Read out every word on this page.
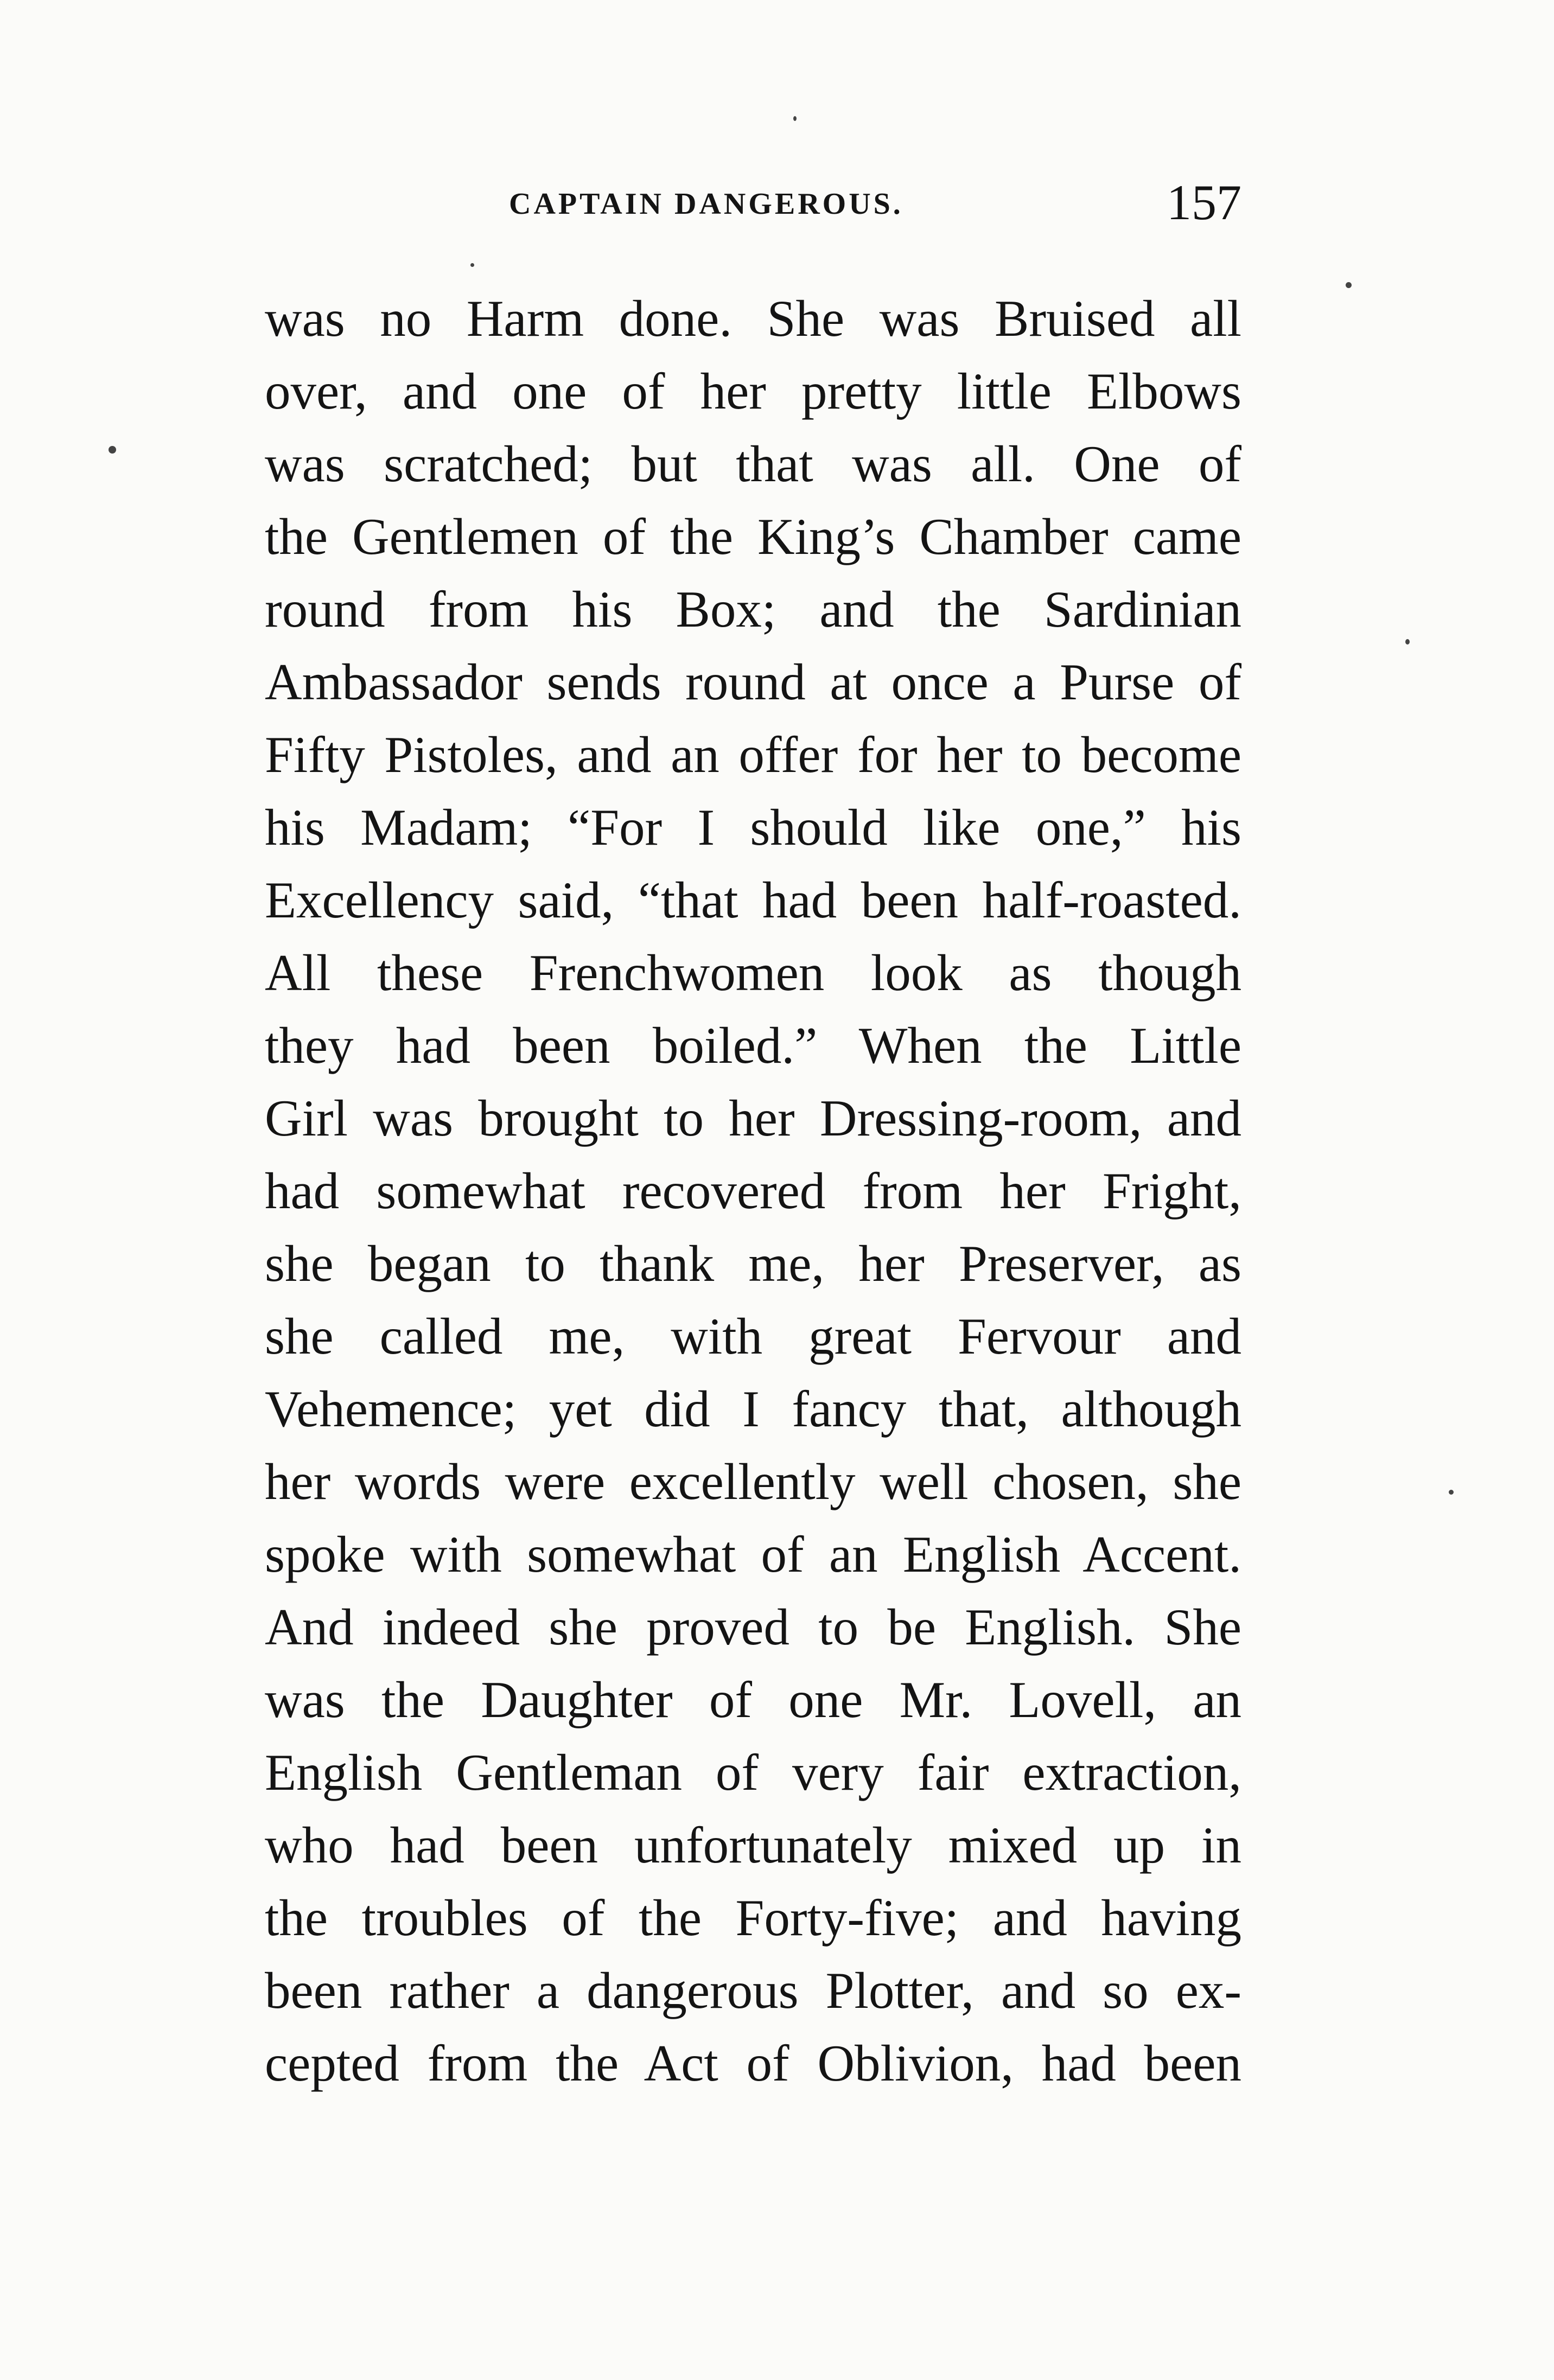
CAPTAIN DANGEROUS.	157
was no Harm done. She was Bruised all
over, and one of her pretty little Elbows
was scratched; but that was all. One of
the Gentlemen of the King’s Chamber came
round from his Box; and the Sardinian
Ambassador sends round at once a Purse of
Fifty Pistoles, and an offer for her to become
his Madam; “For I should like one,” his
Excellency said, “that had been half-roasted.
All these Frenchwomen look as though
they had been boiled.” When the Little
Girl was brought to her Dressing-room, and
had somewhat recovered from her Fright,
she began to thank me, her Preserver, as
she called me, with great Fervour and
Vehemence; yet did I fancy that, although
her words were excellently well chosen, she
spoke with somewhat of an English Accent.
And indeed she proved to be English. She
was the Daughter of one Mr. Lovell, an
English Gentleman of very fair extraction,
who had been unfortunately mixed up in
the troubles of the Forty-five; and having
been rather a dangerous Plotter, and so ex-
cepted from the Act of Oblivion, had been
